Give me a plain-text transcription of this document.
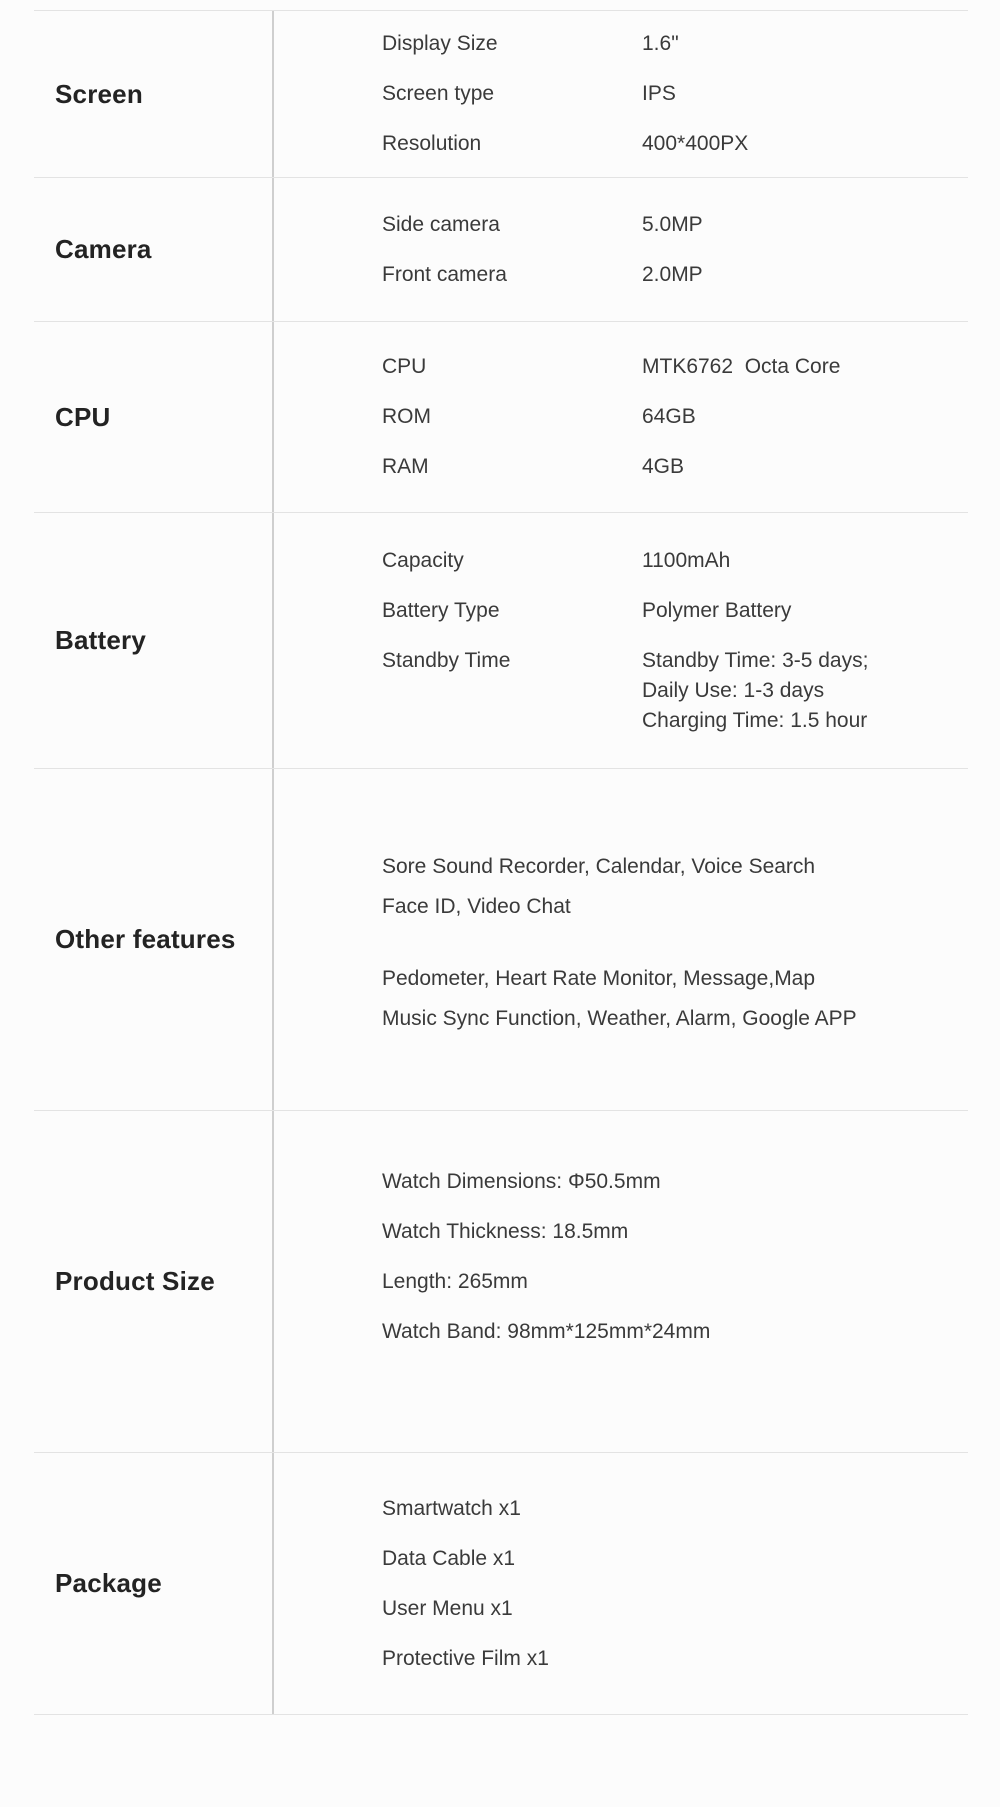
Screen
Display Size	1.6"
Screen type	IPS
Resolution	400*400PX
Camera
Side camera	5.0MP
Front camera	2.0MP
CPU
CPU	MTK6762  Octa Core
ROM	64GB
RAM	4GB
Battery
Capacity	1100mAh
Battery Type	Polymer Battery
Standby Time	Standby Time: 3-5 days;
Daily Use: 1-3 days
Charging Time: 1.5 hour
Other features
Sore Sound Recorder, Calendar, Voice Search
Face ID, Video Chat
Pedometer, Heart Rate Monitor, Message,Map
Music Sync Function, Weather, Alarm, Google APP
Product Size
Watch Dimensions: Φ50.5mm
Watch Thickness: 18.5mm
Length: 265mm
Watch Band: 98mm*125mm*24mm
Package
Smartwatch x1
Data Cable x1
User Menu x1
Protective Film x1
